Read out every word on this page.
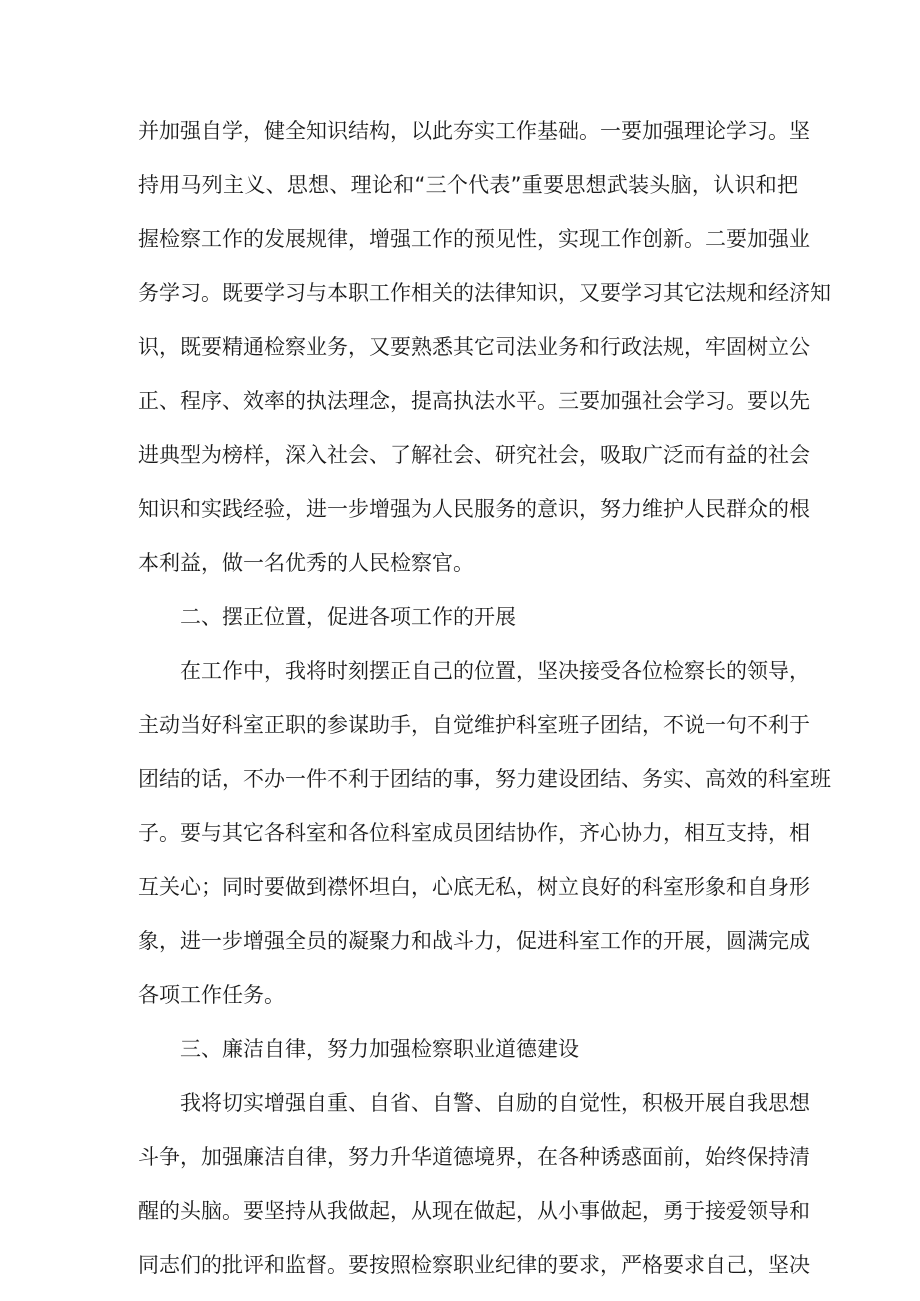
并加强自学，健全知识结构，以此夯实工作基础。一要加强理论学习。坚
持用马列主义、思想、理论和“三个代表”重要思想武装头脑，认识和把
握检察工作的发展规律，增强工作的预见性，实现工作创新。二要加强业
务学习。既要学习与本职工作相关的法律知识，又要学习其它法规和经济知
识，既要精通检察业务，又要熟悉其它司法业务和行政法规，牢固树立公
正、程序、效率的执法理念，提高执法水平。三要加强社会学习。要以先
进典型为榜样，深入社会、了解社会、研究社会，吸取广泛而有益的社会
知识和实践经验，进一步增强为人民服务的意识，努力维护人民群众的根
本利益，做一名优秀的人民检察官。
二、摆正位置，促进各项工作的开展
在工作中，我将时刻摆正自己的位置，坚决接受各位检察长的领导，
主动当好科室正职的参谋助手，自觉维护科室班子团结，不说一句不利于
团结的话，不办一件不利于团结的事，努力建设团结、务实、高效的科室班
子。要与其它各科室和各位科室成员团结协作，齐心协力，相互支持，相
互关心；同时要做到襟怀坦白，心底无私，树立良好的科室形象和自身形
象，进一步增强全员的凝聚力和战斗力，促进科室工作的开展，圆满完成
各项工作任务。
三、廉洁自律，努力加强检察职业道德建设
我将切实增强自重、自省、自警、自励的自觉性，积极开展自我思想
斗争，加强廉洁自律，努力升华道德境界，在各种诱惑面前，始终保持清
醒的头脑。要坚持从我做起，从现在做起，从小事做起，勇于接爱领导和
同志们的批评和监督。要按照检察职业纪律的要求，严格要求自己，坚决
